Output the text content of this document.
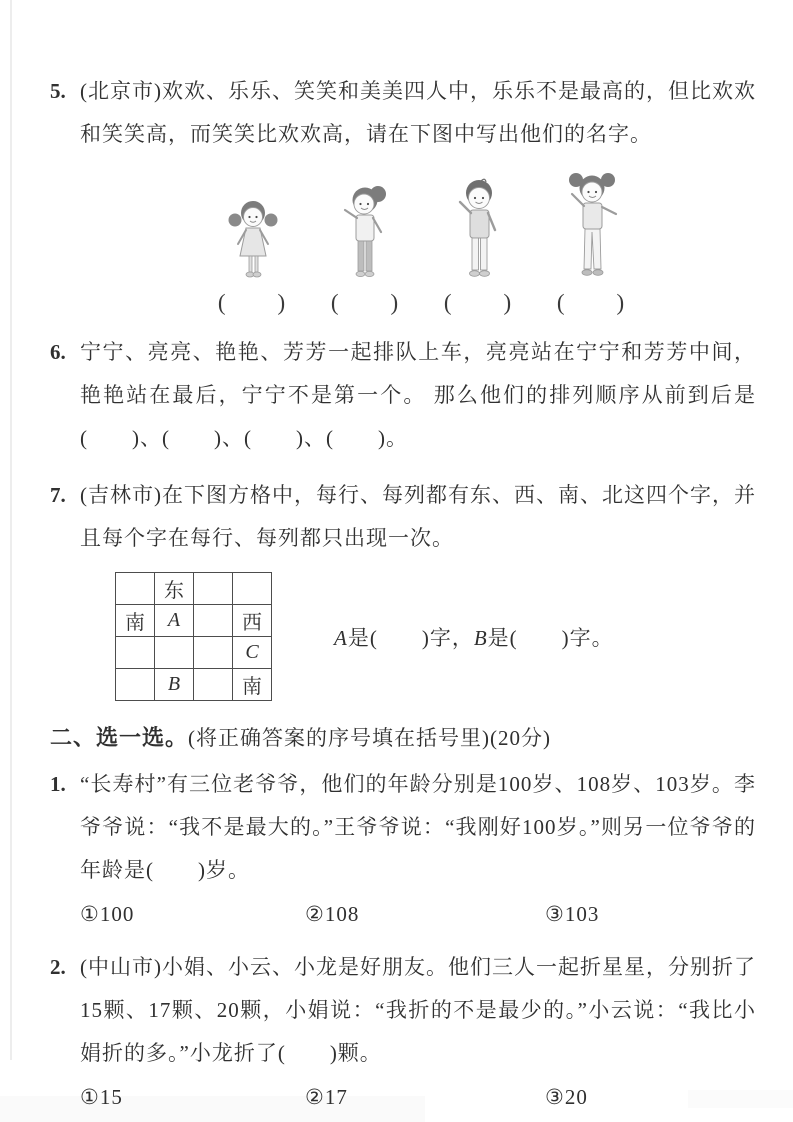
5. (北京市)欢欢、乐乐、笑笑和美美四人中，乐乐不是最高的，但比欢欢和笑笑高，而笑笑比欢欢高，请在下图中写出他们的名字。

(　　) (　　) (　　) (　　)
6. 宁宁、亮亮、艳艳、芳芳一起排队上车，亮亮站在宁宁和芳芳中间，艳艳站在最后，宁宁不是第一个。 那么他们的排列顺序从前到后是(　　)、(　　)、(　　)、(　　)。

7. (吉林市)在下图方格中，每行、每列都有东、西、南、北这四个字，并且每个字在每行、每列都只出现一次。

	东		
南	A		西
			C
	B		南
A是(　　)字，B是(　　)字。
二、选一选。(将正确答案的序号填在括号里)(20分)
1. “长寿村”有三位老爷爷，他们的年龄分别是100岁、108岁、103岁。李爷爷说：“我不是最大的。”王爷爷说：“我刚好100岁。”则另一位爷爷的年龄是(　　)岁。

①100	②108	③103
2. (中山市)小娟、小云、小龙是好朋友。他们三人一起折星星，分别折了15颗、17颗、20颗，小娟说：“我折的不是最少的。”小云说：“我比小娟折的多。”小龙折了(　　)颗。

①15	②17	③20
